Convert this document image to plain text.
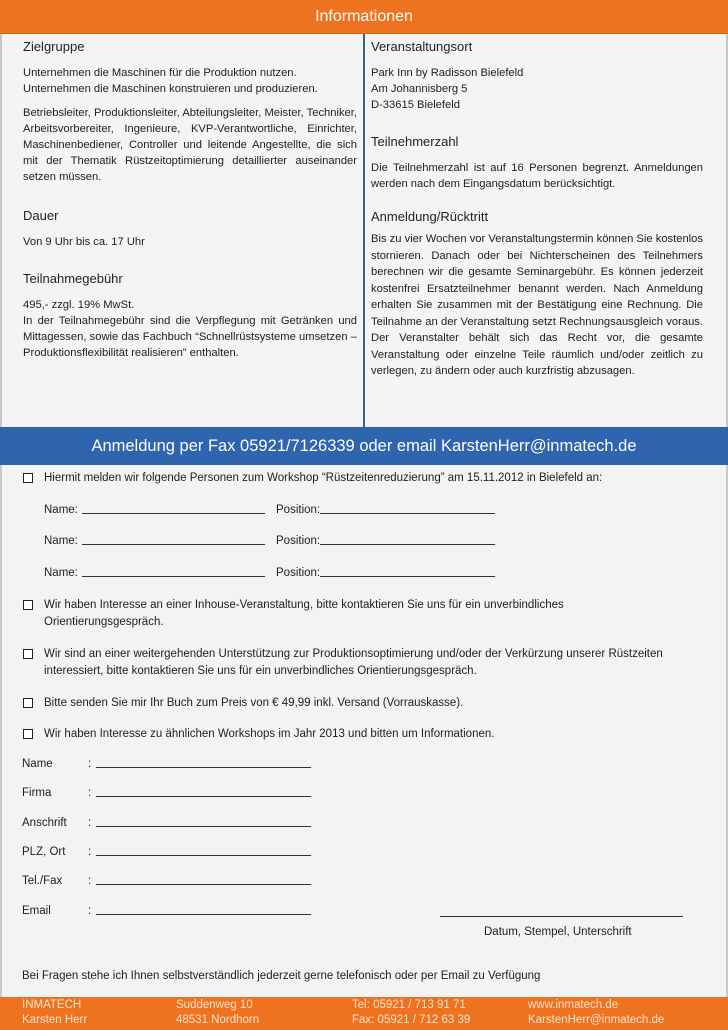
Informationen
Zielgruppe
Unternehmen die Maschinen für die Produktion nutzen.
Unternehmen die Maschinen konstruieren und produzieren.
Betriebsleiter, Produktionsleiter, Abteilungsleiter, Meister, Techniker, Arbeitsvorbereiter, Ingenieure, KVP-Verantwortliche, Einrichter, Maschinenbediener, Controller und leitende Angestellte, die sich mit der Thematik Rüstzeitoptimierung detaillierter auseinander setzen müssen.
Dauer
Von 9 Uhr bis ca. 17 Uhr
Teilnahmegebühr
495,- zzgl. 19% MwSt.
In der Teilnahmegebühr sind die Verpflegung mit Getränken und Mittagessen, sowie das Fachbuch “Schnellrüstsysteme umsetzen – Produktionsflexibilität realisieren” enthalten.
Veranstaltungsort
Park Inn by Radisson Bielefeld
Am Johannisberg 5
D-33615 Bielefeld
Teilnehmerzahl
Die Teilnehmerzahl ist auf 16 Personen begrenzt. Anmeldungen werden nach dem Eingangsdatum berücksichtigt.
Anmeldung/Rücktritt
Bis zu vier Wochen vor Veranstaltungstermin können Sie kostenlos stornieren. Danach oder bei Nichterscheinen des Teilnehmers berechnen wir die gesamte Seminargebühr. Es können jederzeit kostenfrei Ersatzteilnehmer benannt werden. Nach Anmeldung erhalten Sie zusammen mit der Bestätigung eine Rechnung. Die Teilnahme an der Veranstaltung setzt Rechnungsausgleich voraus. Der Veranstalter behält sich das Recht vor, die gesamte Veranstaltung oder einzelne Teile räumlich und/oder zeitlich zu verlegen, zu ändern oder auch kurzfristig abzusagen.
Anmeldung per Fax 05921/7126339 oder email KarstenHerr@inmatech.de
Hiermit melden wir folgende Personen zum Workshop “Rüstzeitenreduzierung” am 15.11.2012 in Bielefeld an:
Name:	Position:
Name:	Position:
Name:	Position:
Wir haben Interesse an einer Inhouse-Veranstaltung, bitte kontaktieren Sie uns für ein unverbindliches Orientierungsgespräch.
Wir sind an einer weitergehenden Unterstützung zur Produktionsoptimierung und/oder der Verkürzung unserer Rüstzeiten interessiert, bitte kontaktieren Sie uns für ein unverbindliches Orientierungsgespräch.
Bitte senden Sie mir Ihr Buch zum Preis von € 49,99 inkl. Versand (Vorrauskasse).
Wir haben Interesse zu ähnlichen Workshops im Jahr 2013 und bitten um Informationen.
Name	:
Firma	:
Anschrift	:
PLZ, Ort	:
Tel./Fax	:
Email	:
Datum, Stempel, Unterschrift
Bei Fragen stehe ich Ihnen selbstverständlich jederzeit gerne telefonisch oder per Email zu Verfügung
INMATECH
Karsten Herr
Suddenweg 10
48531 Nordhorn
Tel: 05921 / 713 91 71
Fax: 05921 / 712 63 39
www.inmatech.de
KarstenHerr@inmatech.de
